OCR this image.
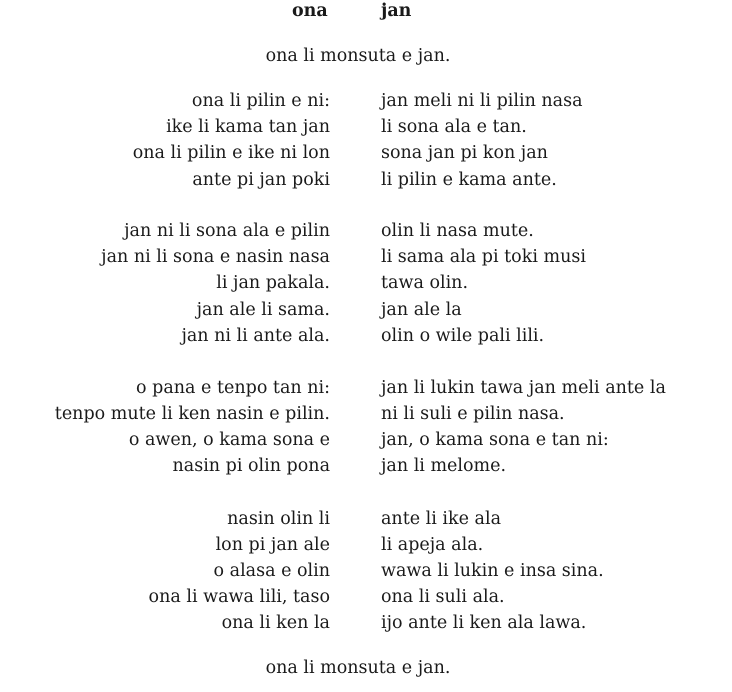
ona	jan
ona li monsuta e jan.
ona li pilin e ni:
ike li kama tan jan
ona li pilin e ike ni lon
ante pi jan poki
jan meli ni li pilin nasa
li sona ala e tan.
sona jan pi kon jan
li pilin e kama ante.
jan ni li sona ala e pilin
jan ni li sona e nasin nasa
li jan pakala.
jan ale li sama.
jan ni li ante ala.
olin li nasa mute.
li sama ala pi toki musi
tawa olin.
jan ale la
olin o wile pali lili.
o pana e tenpo tan ni:
tenpo mute li ken nasin e pilin.
o awen, o kama sona e
nasin pi olin pona
jan li lukin tawa jan meli ante la
ni li suli e pilin nasa.
jan, o kama sona e tan ni:
jan li melome.
nasin olin li
lon pi jan ale
o alasa e olin
ona li wawa lili, taso
ona li ken la
ante li ike ala
li apeja ala.
wawa li lukin e insa sina.
ona li suli ala.
ijo ante li ken ala lawa.
ona li monsuta e jan.
